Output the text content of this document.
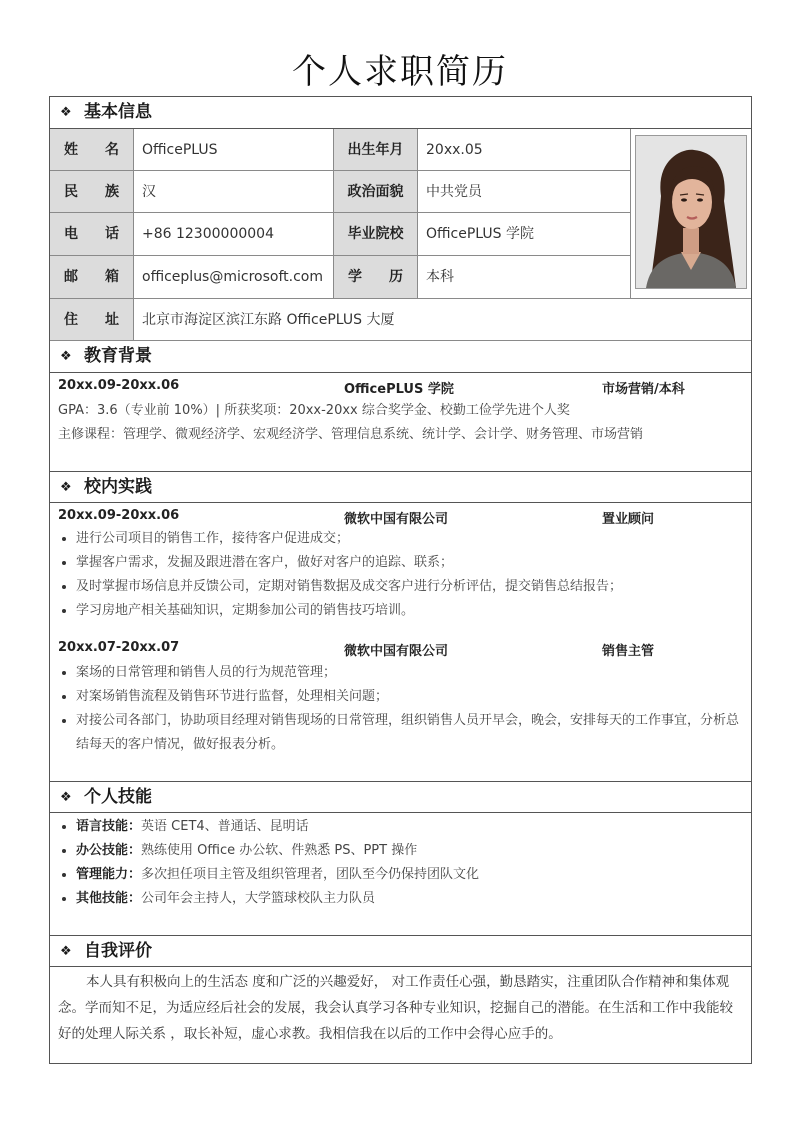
个人求职简历
❖ 基本信息
姓 名	OfficePLUS	出生年月	20xx.05
民 族	汉	政治面貌	中共党员
电 话	+86 12300000004	毕业院校	OfficePLUS 学院
邮 箱	officeplus@microsoft.com	学 历	本科
住 址	北京市海淀区滨江东路 OfficePLUS 大厦
❖ 教育背景
20xx.09-20xx.06	OfficePLUS 学院	市场营销/本科
GPA：3.6（专业前 10%）| 所获奖项：20xx-20xx 综合奖学金、校勤工俭学先进个人奖
主修课程：管理学、微观经济学、宏观经济学、管理信息系统、统计学、会计学、财务管理、市场营销
❖ 校内实践
20xx.09-20xx.06	微软中国有限公司	置业顾问
进行公司项目的销售工作，接待客户促进成交；
掌握客户需求，发掘及跟进潜在客户，做好对客户的追踪、联系；
及时掌握市场信息并反馈公司，定期对销售数据及成交客户进行分析评估，提交销售总结报告；
学习房地产相关基础知识，定期参加公司的销售技巧培训。
20xx.07-20xx.07	微软中国有限公司	销售主管
案场的日常管理和销售人员的行为规范管理；
对案场销售流程及销售环节进行监督，处理相关问题；
对接公司各部门，协助项目经理对销售现场的日常管理，组织销售人员开早会，晚会，安排每天的工作事宜，分析总结每天的客户情况，做好报表分析。
❖ 个人技能
语言技能：英语 CET4、普通话、昆明话
办公技能：熟练使用 Office 办公软、件熟悉 PS、PPT 操作
管理能力：多次担任项目主管及组织管理者，团队至今仍保持团队文化
其他技能：公司年会主持人，大学篮球校队主力队员
❖ 自我评价
本人具有积极向上的生活态 度和广泛的兴趣爱好， 对工作责任心强，勤恳踏实，注重团队合作精神和集体观念。学而知不足，为适应经后社会的发展，我会认真学习各种专业知识，挖掘自己的潜能。在生活和工作中我能较好的处理人际关系 ，取长补短，虚心求教。我相信我在以后的工作中会得心应手的。
